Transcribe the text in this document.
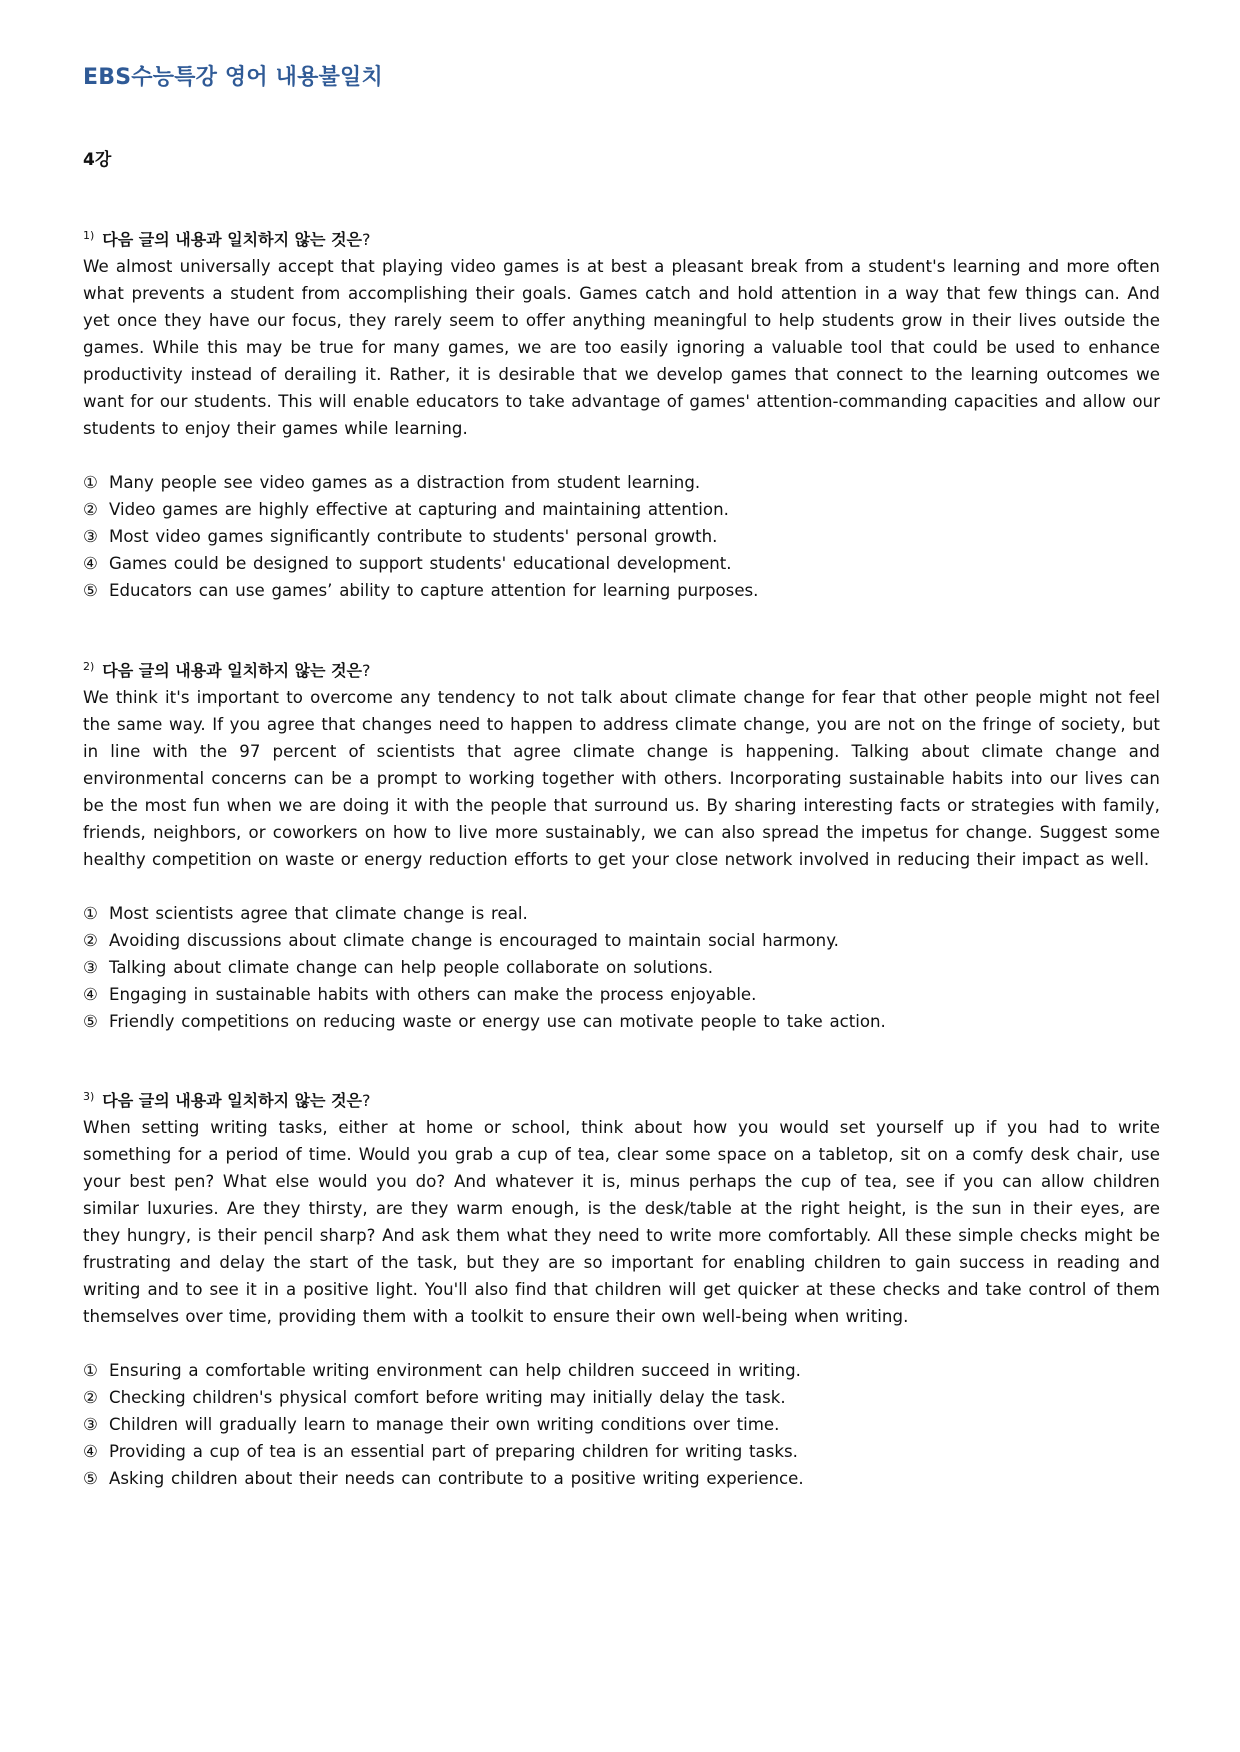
EBS수능특강 영어 내용불일치
4강
$^{1)}$ 다음 글의 내용과 일치하지 않는 것은?

We almost universally accept that playing video games is at best a pleasant break from a student's learning and more often what prevents a student from accomplishing their goals. Games catch and hold attention in a way that few things can. And yet once they have our focus, they rarely seem to offer anything meaningful to help students grow in their lives outside the games. While this may be true for many games, we are too easily ignoring a valuable tool that could be used to enhance productivity instead of derailing it. Rather, it is desirable that we develop games that connect to the learning outcomes we want for our students. This will enable educators to take advantage of games' attention-commanding capacities and allow our students to enjoy their games while learning.

① Many people see video games as a distraction from student learning.
② Video games are highly effective at capturing and maintaining attention.
③ Most video games significantly contribute to students' personal growth.
④ Games could be designed to support students' educational development.
⑤ Educators can use games’ ability to capture attention for learning purposes.
$^{2)}$ 다음 글의 내용과 일치하지 않는 것은?

We think it's important to overcome any tendency to not talk about climate change for fear that other people might not feel the same way. If you agree that changes need to happen to address climate change, you are not on the fringe of society, but in line with the 97 percent of scientists that agree climate change is happening. Talking about climate change and environmental concerns can be a prompt to working together with others. Incorporating sustainable habits into our lives can be the most fun when we are doing it with the people that surround us. By sharing interesting facts or strategies with family, friends, neighbors, or coworkers on how to live more sustainably, we can also spread the impetus for change. Suggest some healthy competition on waste or energy reduction efforts to get your close network involved in reducing their impact as well.

① Most scientists agree that climate change is real.
② Avoiding discussions about climate change is encouraged to maintain social harmony.
③ Talking about climate change can help people collaborate on solutions.
④ Engaging in sustainable habits with others can make the process enjoyable.
⑤ Friendly competitions on reducing waste or energy use can motivate people to take action.
$^{3)}$ 다음 글의 내용과 일치하지 않는 것은?

When setting writing tasks, either at home or school, think about how you would set yourself up if you had to write something for a period of time. Would you grab a cup of tea, clear some space on a tabletop, sit on a comfy desk chair, use your best pen? What else would you do? And whatever it is, minus perhaps the cup of tea, see if you can allow children similar luxuries. Are they thirsty, are they warm enough, is the desk/table at the right height, is the sun in their eyes, are they hungry, is their pencil sharp? And ask them what they need to write more comfortably. All these simple checks might be frustrating and delay the start of the task, but they are so important for enabling children to gain success in reading and writing and to see it in a positive light. You'll also find that children will get quicker at these checks and take control of them themselves over time, providing them with a toolkit to ensure their own well-being when writing.

① Ensuring a comfortable writing environment can help children succeed in writing.
② Checking children's physical comfort before writing may initially delay the task.
③ Children will gradually learn to manage their own writing conditions over time.
④ Providing a cup of tea is an essential part of preparing children for writing tasks.
⑤ Asking children about their needs can contribute to a positive writing experience.
